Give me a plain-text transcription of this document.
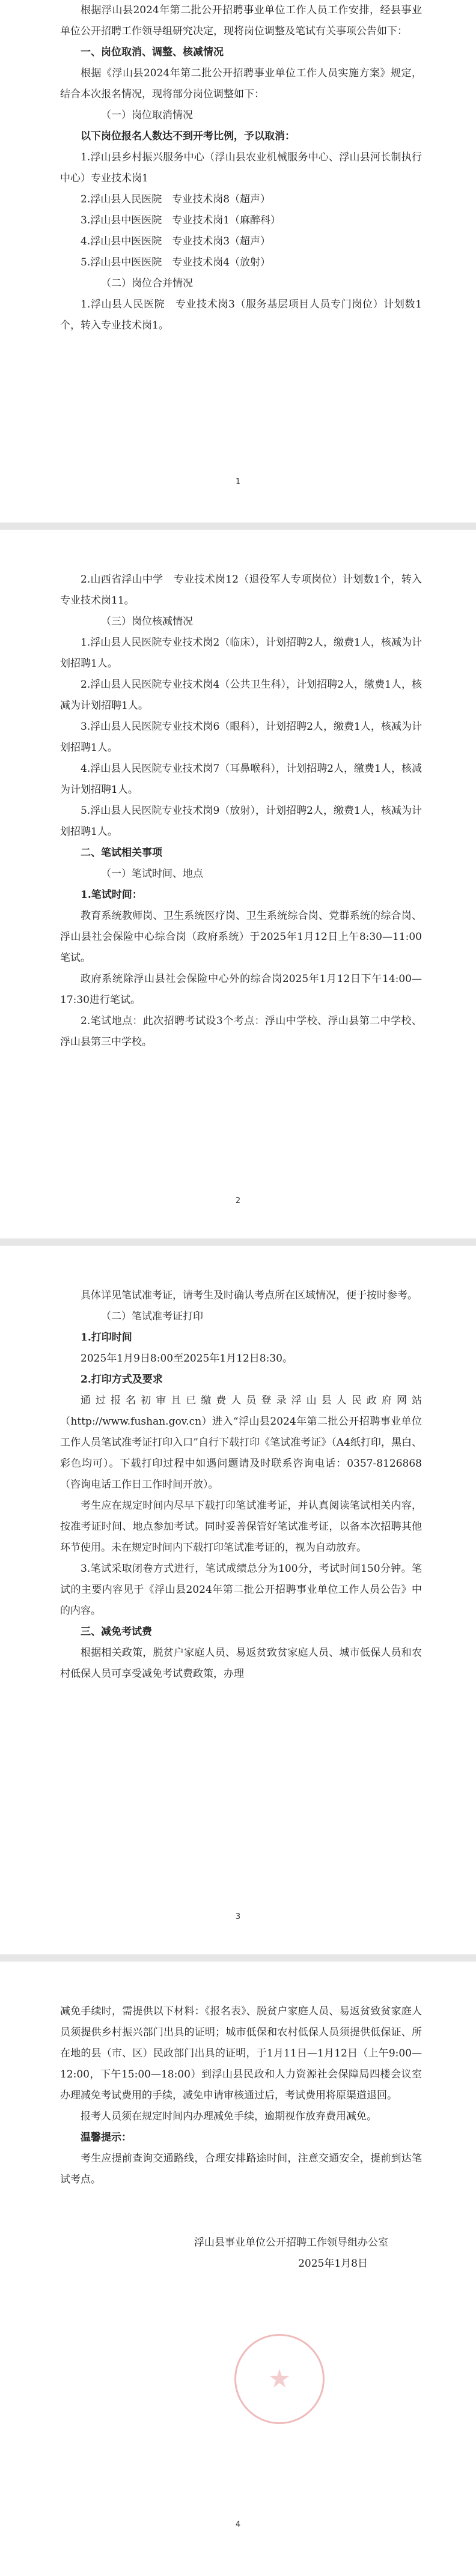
根据浮山县2024年第二批公开招聘事业单位工作人员工作安排，经县事业单位公开招聘工作领导组研究决定，现将岗位调整及笔试有关事项公告如下：

一、岗位取消、调整、核减情况

根据《浮山县2024年第二批公开招聘事业单位工作人员实施方案》规定，结合本次报名情况，现将部分岗位调整如下：

（一）岗位取消情况

以下岗位报名人数达不到开考比例，予以取消：

1.浮山县乡村振兴服务中心（浮山县农业机械服务中心、浮山县河长制执行中心）专业技术岗1

2.浮山县人民医院　专业技术岗8（超声）

3.浮山县中医医院　专业技术岗1（麻醉科）

4.浮山县中医医院　专业技术岗3（超声）

5.浮山县中医医院　专业技术岗4（放射）

（二）岗位合并情况

1.浮山县人民医院　专业技术岗3（服务基层项目人员专门岗位）计划数1个，转入专业技术岗1。

1

2.山西省浮山中学　专业技术岗12（退役军人专项岗位）计划数1个，转入专业技术岗11。

（三）岗位核减情况

1.浮山县人民医院专业技术岗2（临床），计划招聘2人，缴费1人，核减为计划招聘1人。

2.浮山县人民医院专业技术岗4（公共卫生科），计划招聘2人，缴费1人，核减为计划招聘1人。

3.浮山县人民医院专业技术岗6（眼科），计划招聘2人，缴费1人，核减为计划招聘1人。

4.浮山县人民医院专业技术岗7（耳鼻喉科），计划招聘2人，缴费1人，核减为计划招聘1人。

5.浮山县人民医院专业技术岗9（放射），计划招聘2人，缴费1人，核减为计划招聘1人。

二、笔试相关事项

（一）笔试时间、地点

1.笔试时间：

教育系统教师岗、卫生系统医疗岗、卫生系统综合岗、党群系统的综合岗、浮山县社会保险中心综合岗（政府系统）于2025年1月12日上午8:30—11:00笔试。

政府系统除浮山县社会保险中心外的综合岗2025年1月12日下午14:00—17:30进行笔试。

2.笔试地点：此次招聘考试设3个考点：浮山中学校、浮山县第二中学校、浮山县第三中学校。

2

具体详见笔试准考证，请考生及时确认考点所在区域情况，便于按时参考。

（二）笔试准考证打印

1.打印时间

2025年1月9日8:00至2025年1月12日8:30。

2.打印方式及要求

通过报名初审且已缴费人员登录浮山县人民政府网站（http://www.fushan.gov.cn）进入“浮山县2024年第二批公开招聘事业单位工作人员笔试准考证打印入口”自行下载打印《笔试准考证》（A4纸打印，黑白、彩色均可）。下载打印过程中如遇问题请及时联系咨询电话：0357-8126868（咨询电话工作日工作时间开放）。

考生应在规定时间内尽早下载打印笔试准考证，并认真阅读笔试相关内容，按准考证时间、地点参加考试。同时妥善保管好笔试准考证，以备本次招聘其他环节使用。未在规定时间内下载打印笔试准考证的，视为自动放弃。

3.笔试采取闭卷方式进行，笔试成绩总分为100分，考试时间150分钟。笔试的主要内容见于《浮山县2024年第二批公开招聘事业单位工作人员公告》中的内容。

三、减免考试费

根据相关政策，脱贫户家庭人员、易返贫致贫家庭人员、城市低保人员和农村低保人员可享受减免考试费政策，办理

3

减免手续时，需提供以下材料：《报名表》、脱贫户家庭人员、易返贫致贫家庭人员须提供乡村振兴部门出具的证明；城市低保和农村低保人员须提供低保证、所在地的县（市、区）民政部门出具的证明，于1月11日—1月12日（上午9:00—12:00，下午15:00—18:00）到浮山县民政和人力资源社会保障局四楼会议室办理减免考试费用的手续，减免申请审核通过后，考试费用将原渠道退回。

报考人员须在规定时间内办理减免手续，逾期视作放弃费用减免。

温馨提示：

考生应提前查询交通路线，合理安排路途时间，注意交通安全，提前到达笔试考点。

浮山县事业单位公开招聘工作领导组办公室

2025年1月8日

4
